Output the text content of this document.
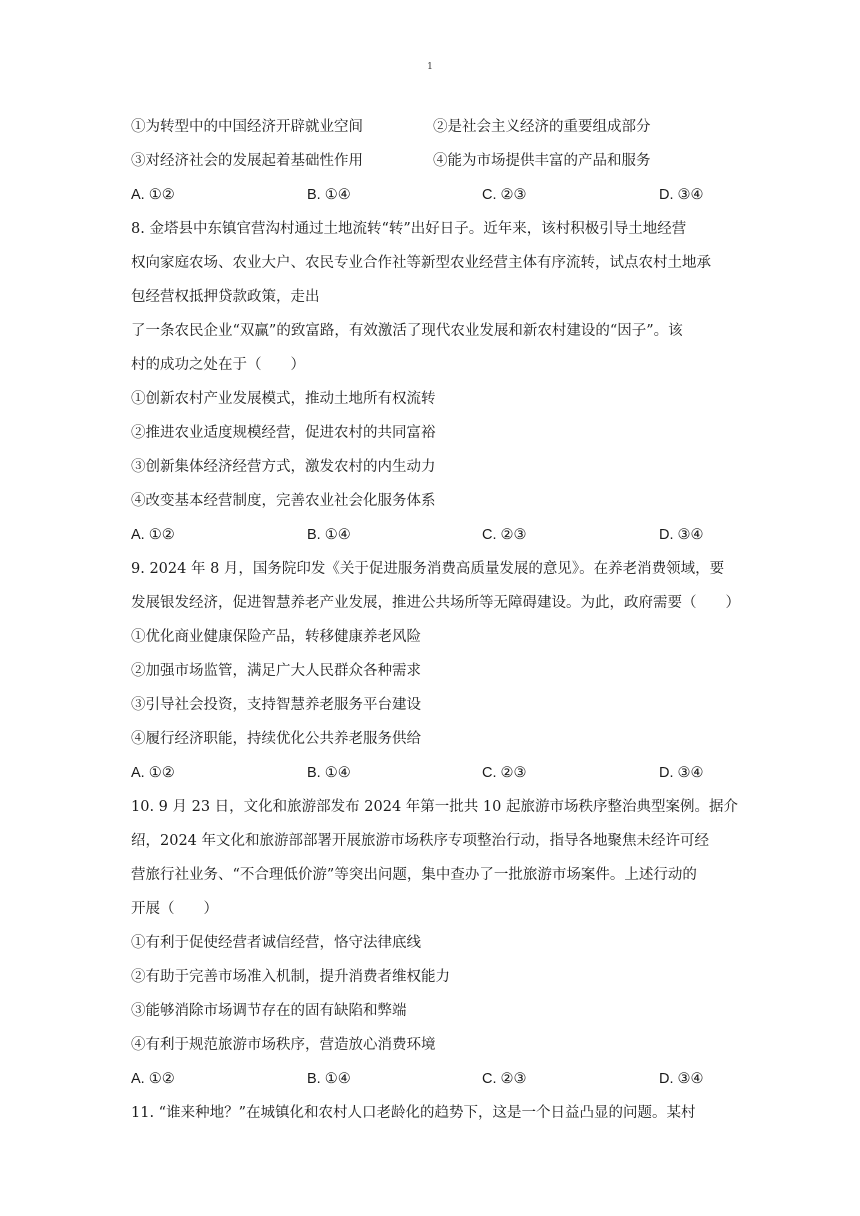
1
①为转型中的中国经济开辟就业空间	②是社会主义经济的重要组成部分
③对经济社会的发展起着基础性作用	④能为市场提供丰富的产品和服务
A. ①②	B. ①④	C. ②③	D. ③④
8. 金塔县中东镇官营沟村通过土地流转“转”出好日子。近年来，该村积极引导土地经营
权向家庭农场、农业大户、农民专业合作社等新型农业经营主体有序流转，试点农村土地承
包经营权抵押贷款政策，走出
了一条农民企业“双赢”的致富路，有效激活了现代农业发展和新农村建设的“因子”。该
村的成功之处在于（　　）
①创新农村产业发展模式，推动土地所有权流转
②推进农业适度规模经营，促进农村的共同富裕
③创新集体经济经营方式，激发农村的内生动力
④改变基本经营制度，完善农业社会化服务体系
A. ①②	B. ①④	C. ②③	D. ③④
9. 2024 年 8 月，国务院印发《关于促进服务消费高质量发展的意见》。在养老消费领域，要
发展银发经济，促进智慧养老产业发展，推进公共场所等无障碍建设。为此，政府需要（　　）
①优化商业健康保险产品，转移健康养老风险
②加强市场监管，满足广大人民群众各种需求
③引导社会投资，支持智慧养老服务平台建设
④履行经济职能，持续优化公共养老服务供给
A. ①②	B. ①④	C. ②③	D. ③④
10. 9 月 23 日，文化和旅游部发布 2024 年第一批共 10 起旅游市场秩序整治典型案例。据介
绍，2024 年文化和旅游部部署开展旅游市场秩序专项整治行动，指导各地聚焦未经许可经
营旅行社业务、“不合理低价游”等突出问题，集中查办了一批旅游市场案件。上述行动的
开展（　　）
①有利于促使经营者诚信经营，恪守法律底线
②有助于完善市场准入机制，提升消费者维权能力
③能够消除市场调节存在的固有缺陷和弊端
④有利于规范旅游市场秩序，营造放心消费环境
A. ①②	B. ①④	C. ②③	D. ③④
11. “谁来种地？”在城镇化和农村人口老龄化的趋势下，这是一个日益凸显的问题。某村
